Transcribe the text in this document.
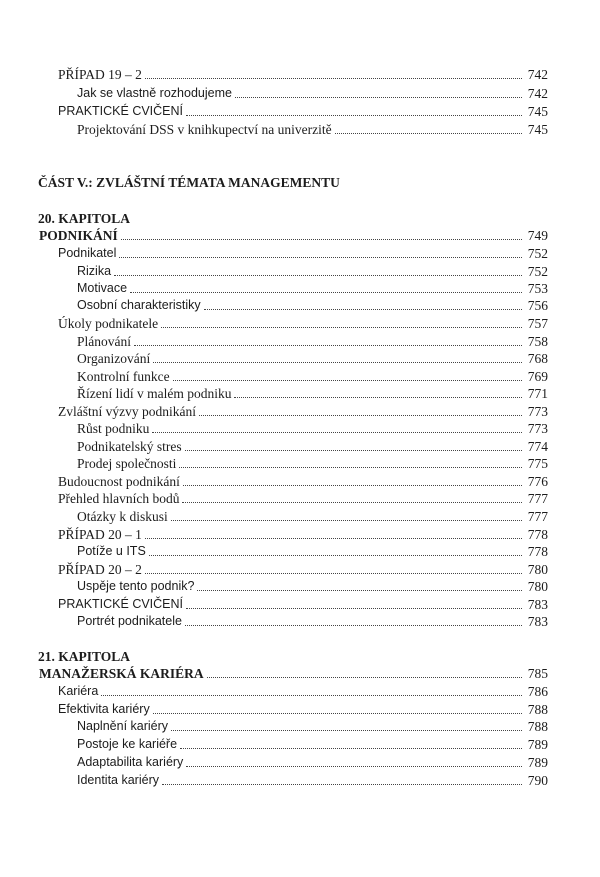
PŘÍPAD 19 – 2	742
Jak se vlastně rozhodujeme	742
PRAKTICKÉ CVIČENÍ	745
Projektování DSS v knihkupectví na univerzitě	745
ČÁST V.: ZVLÁŠTNÍ TÉMATA MANAGEMENTU
20. KAPITOLA
PODNIKÁNÍ	749
Podnikatel	752
Rizika	752
Motivace	753
Osobní charakteristiky	756
Úkoly podnikatele	757
Plánování	758
Organizování	768
Kontrolní funkce	769
Řízení lidí v malém podniku	771
Zvláštní výzvy podnikání	773
Růst podniku	773
Podnikatelský stres	774
Prodej společnosti	775
Budoucnost podnikání	776
Přehled hlavních bodů	777
Otázky k diskusi	777
PŘÍPAD 20 – 1	778
Potíže u ITS	778
PŘÍPAD 20 – 2	780
Uspěje tento podnik?	780
PRAKTICKÉ CVIČENÍ	783
Portrét podnikatele	783
21. KAPITOLA
MANAŽERSKÁ KARIÉRA	785
Kariéra	786
Efektivita kariéry	788
Naplnění kariéry	788
Postoje ke kariéře	789
Adaptabilita kariéry	789
Identita kariéry	790
